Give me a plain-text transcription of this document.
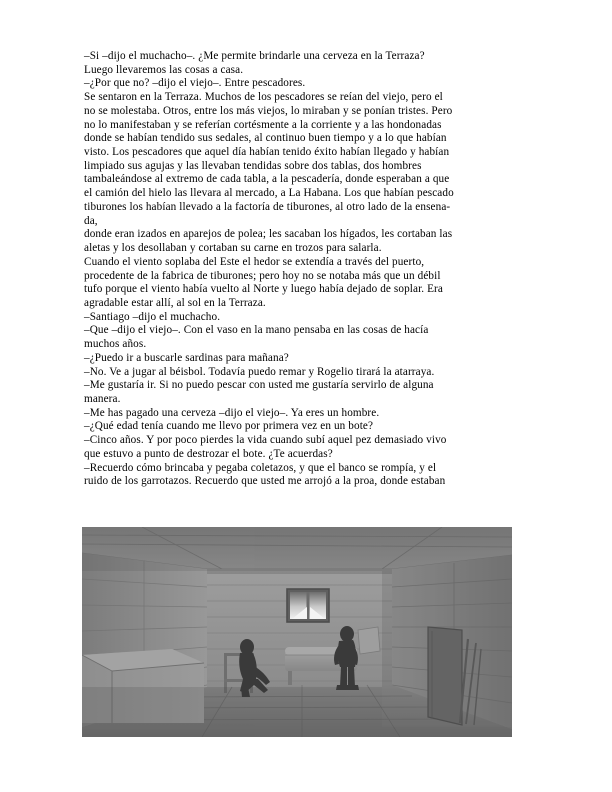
–Si –dijo el muchacho–. ¿Me permite brindarle una cerveza en la Terraza?
Luego llevaremos las cosas a casa.
–¿Por que no? –dijo el viejo–. Entre pescadores.
Se sentaron en la Terraza. Muchos de los pescadores se reían del viejo, pero el
no se molestaba. Otros, entre los más viejos, lo miraban y se ponían tristes. Pero
no lo manifestaban y se referían cortésmente a la corriente y a las hondonadas
donde se habían tendido sus sedales, al continuo buen tiempo y a lo que habían
visto. Los pescadores que aquel día habían tenido éxito habían llegado y habían
limpiado sus agujas y las llevaban tendidas sobre dos tablas, dos hombres
tambaleándose al extremo de cada tabla, a la pescadería, donde esperaban a que
el camión del hielo las llevara al mercado, a La Habana. Los que habían pescado
tiburones los habían llevado a la factoría de tiburones, al otro lado de la ensena-
da,
donde eran izados en aparejos de polea; les sacaban los hígados, les cortaban las
aletas y los desollaban y cortaban su carne en trozos para salarla.
Cuando el viento soplaba del Este el hedor se extendía a través del puerto,
procedente de la fabrica de tiburones; pero hoy no se notaba más que un débil
tufo porque el viento había vuelto al Norte y luego había dejado de soplar. Era
agradable estar allí, al sol en la Terraza.
–Santiago –dijo el muchacho.
–Que –dijo el viejo–. Con el vaso en la mano pensaba en las cosas de hacía
muchos años.
–¿Puedo ir a buscarle sardinas para mañana?
–No. Ve a jugar al béisbol. Todavía puedo remar y Rogelio tirará la atarraya.
–Me gustaría ir. Si no puedo pescar con usted me gustaría servirlo de alguna
manera.
–Me has pagado una cerveza –dijo el viejo–. Ya eres un hombre.
–¿Qué edad tenía cuando me llevo por primera vez en un bote?
–Cinco años. Y por poco pierdes la vida cuando subí aquel pez demasiado vivo
que estuvo a punto de destrozar el bote. ¿Te acuerdas?
–Recuerdo cómo brincaba y pegaba coletazos, y que el banco se rompía, y el
ruido de los garrotazos. Recuerdo que usted me arrojó a la proa, donde estaban
